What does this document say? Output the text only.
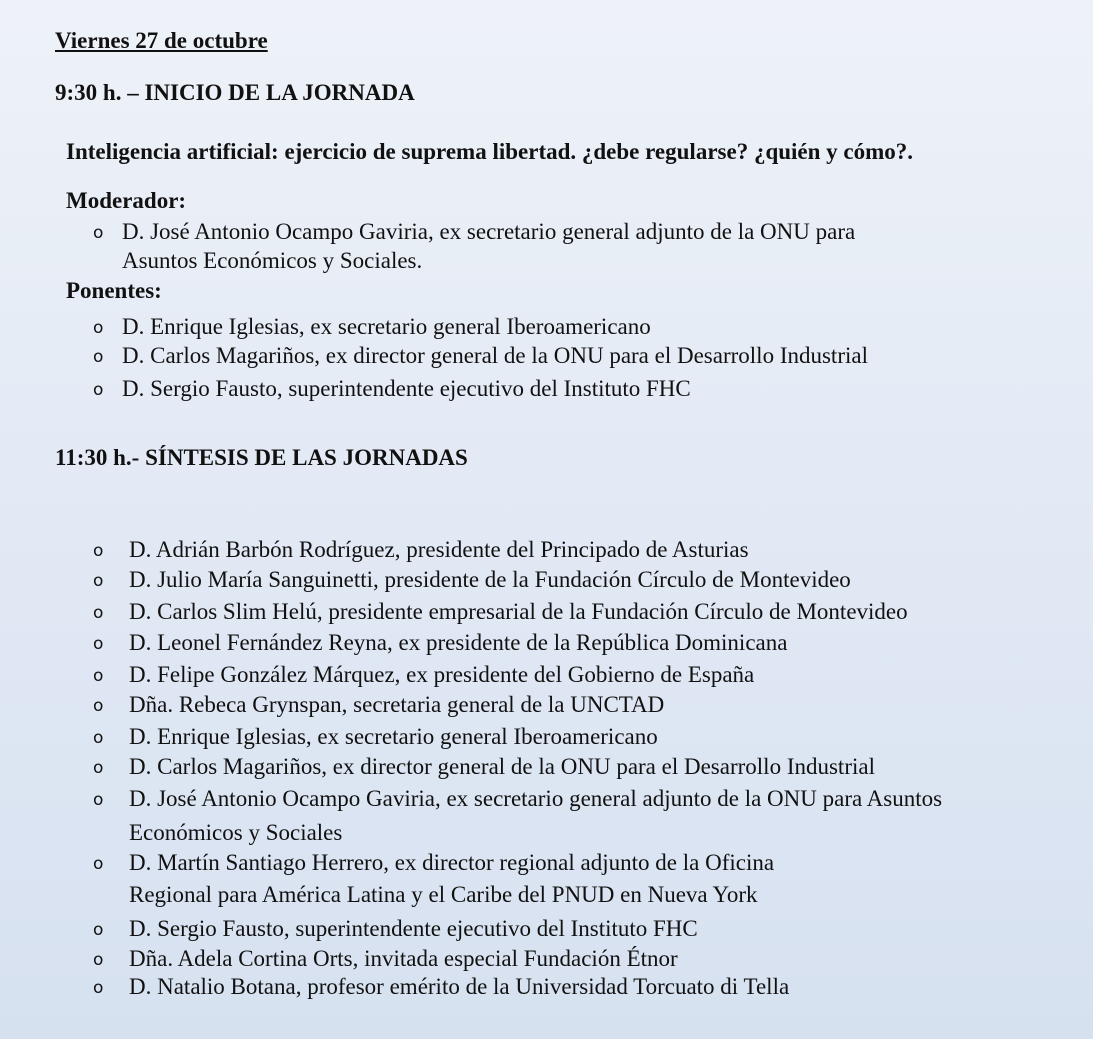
Viernes 27 de octubre
9:30 h. – INICIO DE LA JORNADA
Inteligencia artificial: ejercicio de suprema libertad. ¿debe regularse? ¿quién y cómo?.
Moderador:
o D. José Antonio Ocampo Gaviria, ex secretario general adjunto de la ONU para
Asuntos Económicos y Sociales.
Ponentes:
o D. Enrique Iglesias, ex secretario general Iberoamericano
o D. Carlos Magariños, ex director general de la ONU para el Desarrollo Industrial
o D. Sergio Fausto, superintendente ejecutivo del Instituto FHC
11:30 h.- SÍNTESIS DE LAS JORNADAS
o D. Adrián Barbón Rodríguez, presidente del Principado de Asturias
o D. Julio María Sanguinetti, presidente de la Fundación Círculo de Montevideo
o D. Carlos Slim Helú, presidente empresarial de la Fundación Círculo de Montevideo
o D. Leonel Fernández Reyna, ex presidente de la República Dominicana
o D. Felipe González Márquez, ex presidente del Gobierno de España
o Dña. Rebeca Grynspan, secretaria general de la UNCTAD
o D. Enrique Iglesias, ex secretario general Iberoamericano
o D. Carlos Magariños, ex director general de la ONU para el Desarrollo Industrial
o D. José Antonio Ocampo Gaviria, ex secretario general adjunto de la ONU para Asuntos
Económicos y Sociales
o D. Martín Santiago Herrero, ex director regional adjunto de la Oficina
Regional para América Latina y el Caribe del PNUD en Nueva York
o D. Sergio Fausto, superintendente ejecutivo del Instituto FHC
o Dña. Adela Cortina Orts, invitada especial Fundación Étnor
o D. Natalio Botana, profesor emérito de la Universidad Torcuato di Tella
